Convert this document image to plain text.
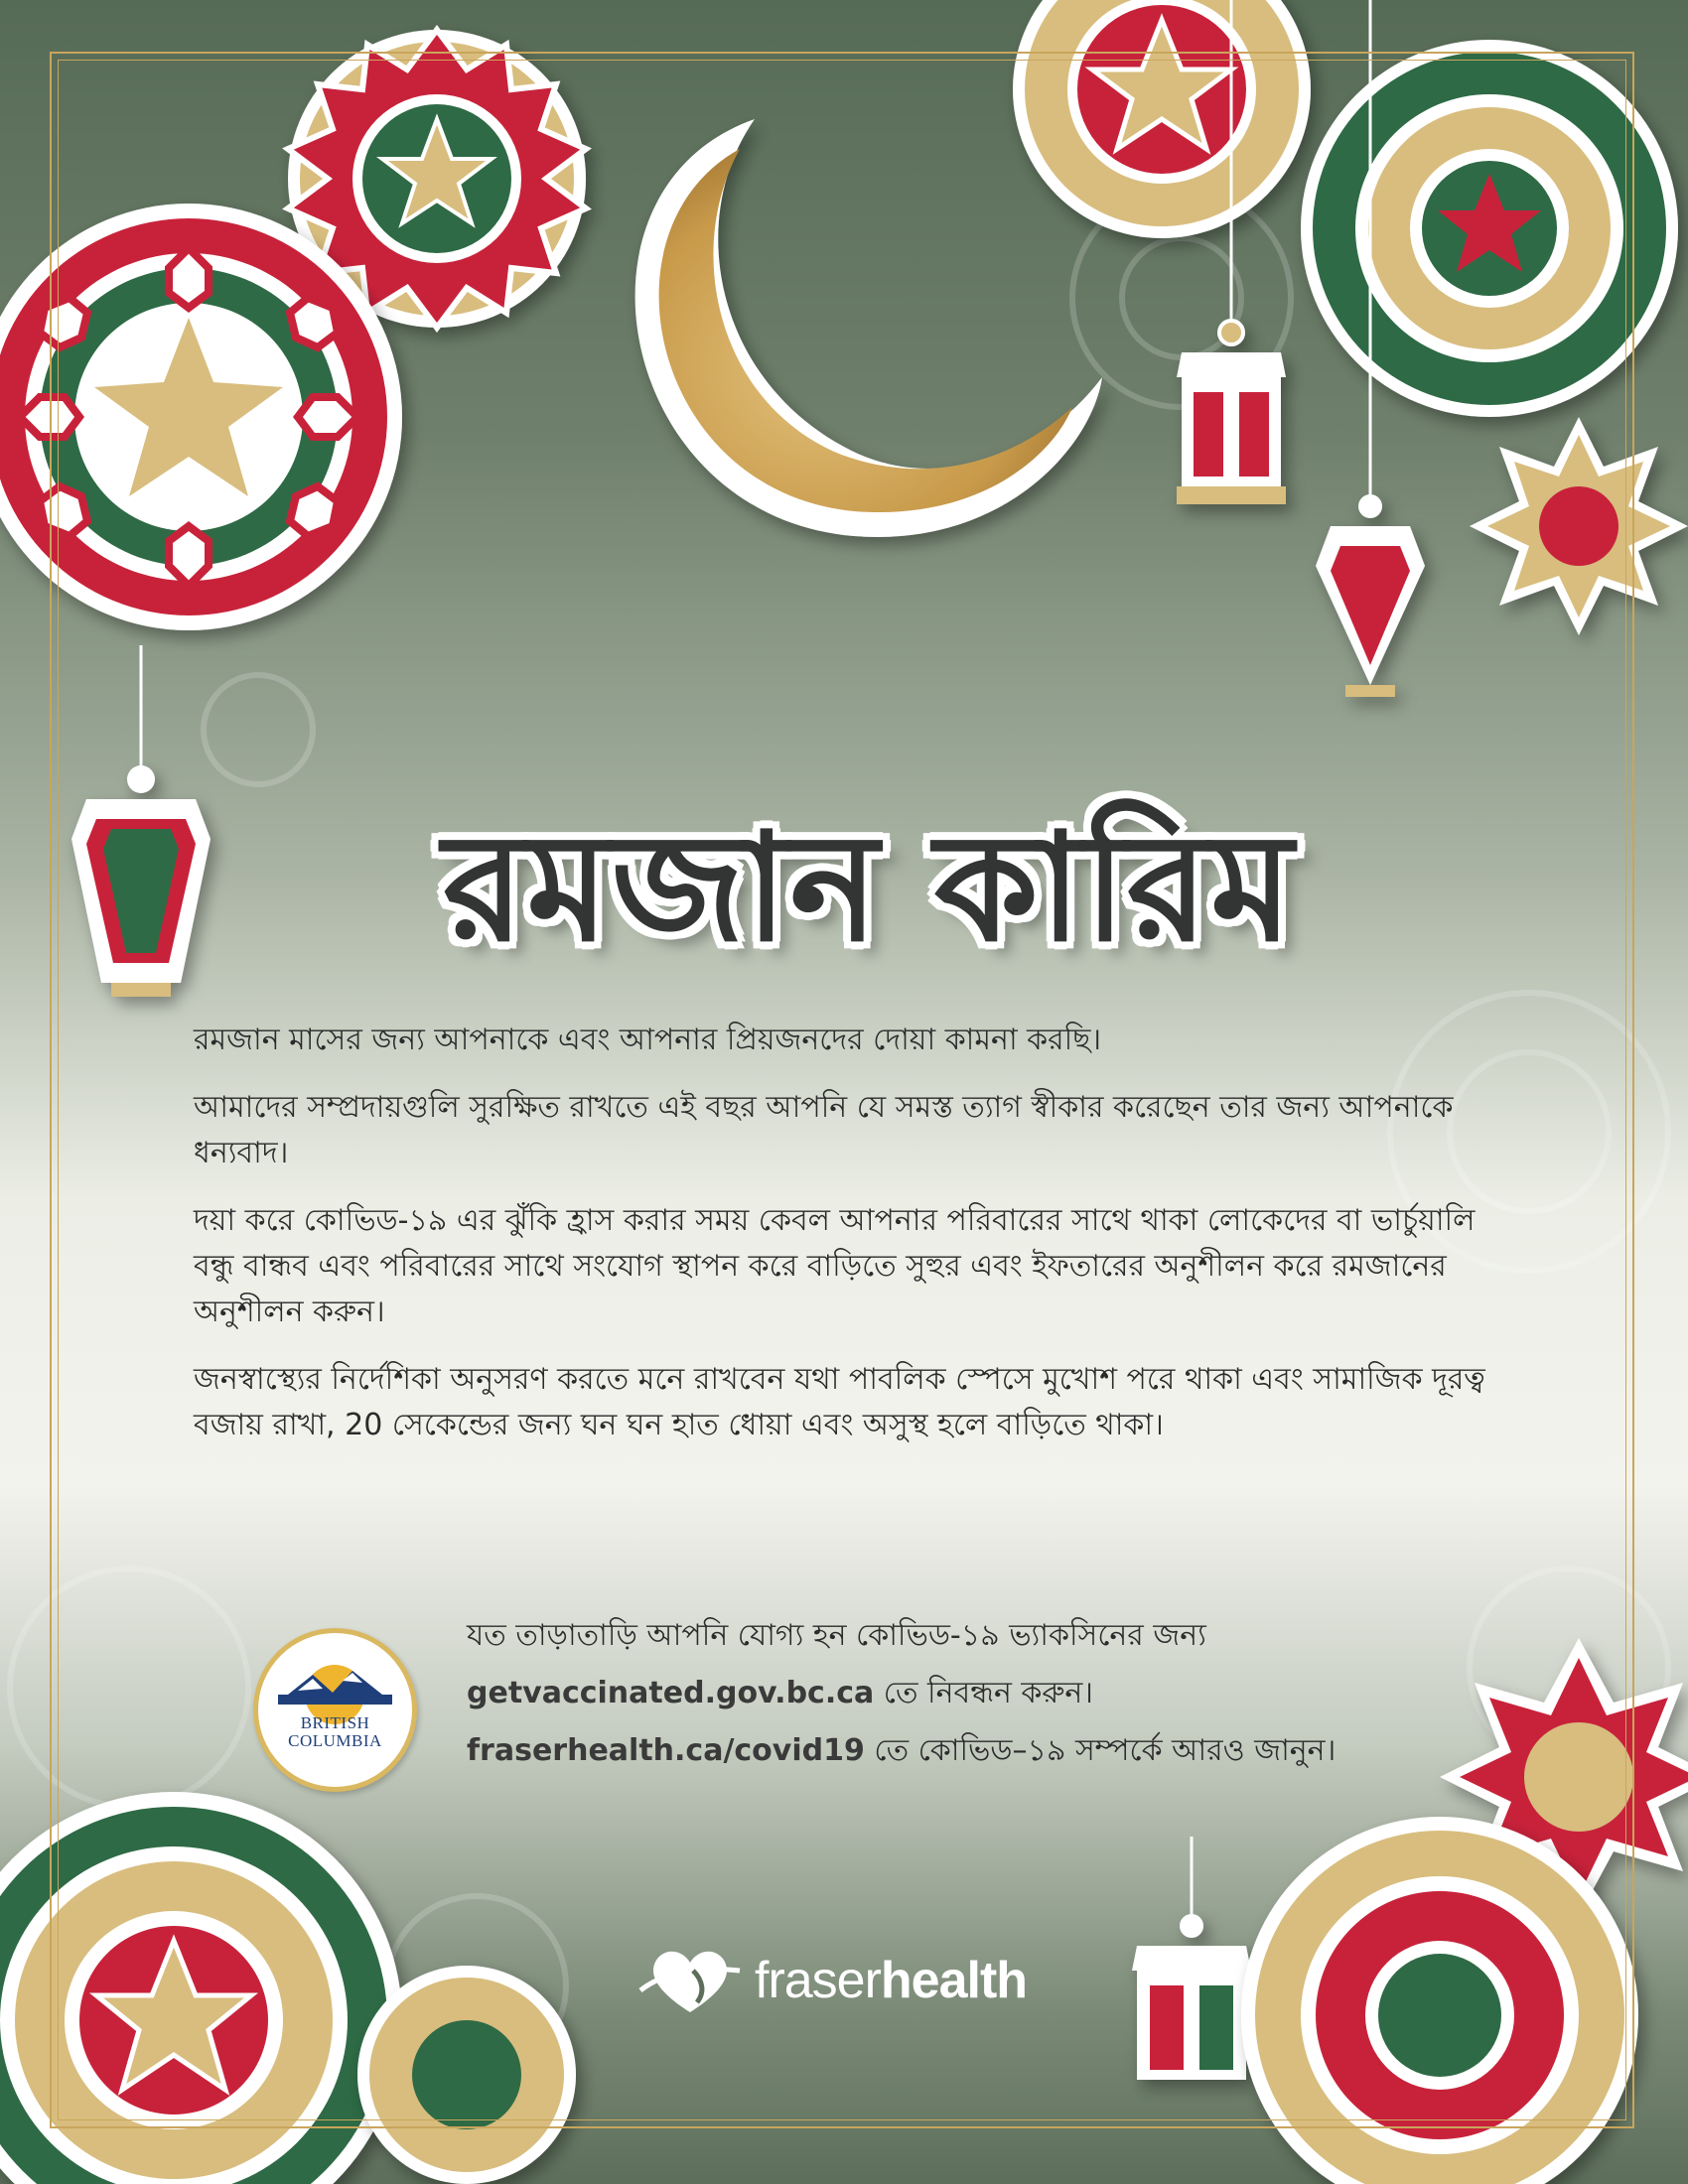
রমজান কারিম

রমজান মাসের জন্য আপনাকে এবং আপনার প্রিয়জনদের দোয়া কামনা করছি।

আমাদের সম্প্রদায়গুলি সুরক্ষিত রাখতে এই বছর আপনি যে সমস্ত ত্যাগ স্বীকার করেছেন তার জন্য আপনাকে ধন্যবাদ।

দয়া করে কোভিড-১৯ এর ঝুঁকি হ্রাস করার সময় কেবল আপনার পরিবারের সাথে থাকা লোকেদের বা ভার্চুয়ালি বন্ধু বান্ধব এবং পরিবারের সাথে সংযোগ স্থাপন করে বাড়িতে সুহুর এবং ইফতারের অনুশীলন করে রমজানের অনুশীলন করুন।

জনস্বাস্থ্যের নির্দেশিকা অনুসরণ করতে মনে রাখবেন যথা পাবলিক স্পেসে মুখোশ পরে থাকা এবং সামাজিক দূরত্ব বজায় রাখা, 20 সেকেন্ডের জন্য ঘন ঘন হাত ধোয়া এবং অসুস্থ হলে বাড়িতে থাকা।

BRITISH
COLUMBIA

যত তাড়াতাড়ি আপনি যোগ্য হন কোভিড-১৯ ভ্যাকসিনের জন্য

getvaccinated.gov.bc.ca তে নিবন্ধন করুন।

fraserhealth.ca/covid19 তে কোভিড–১৯ সম্পর্কে আরও জানুন।

fraserhealth
